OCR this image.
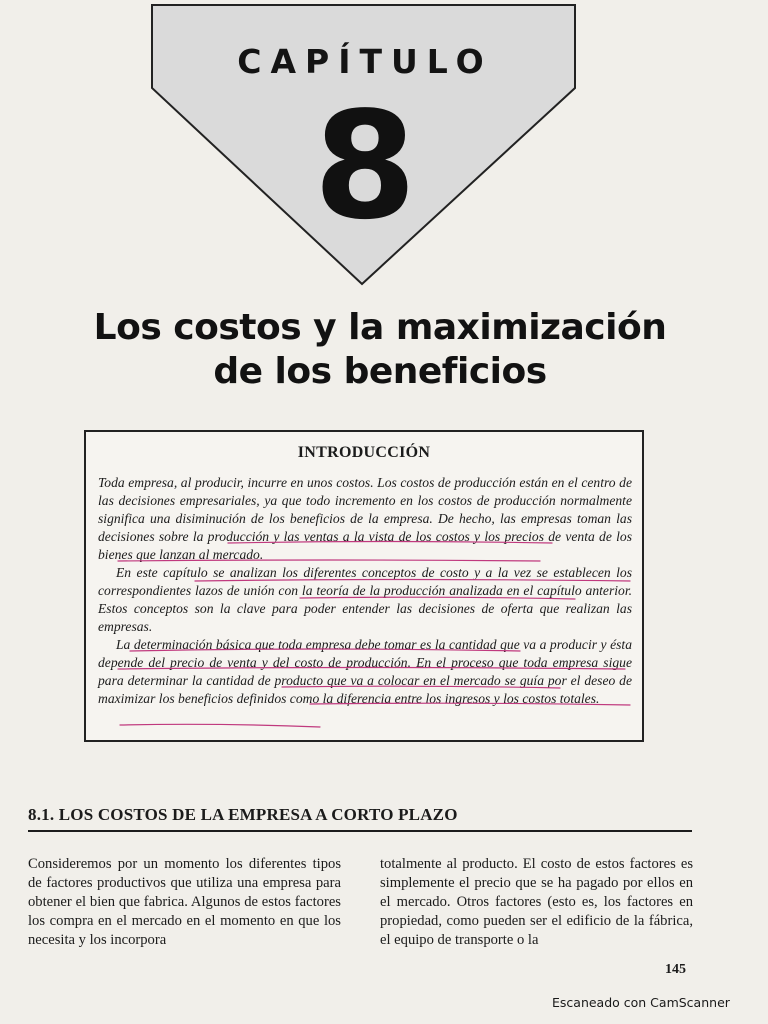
CAPÍTULO
8
Los costos y la maximización
de los beneficios
INTRODUCCIÓN

Toda empresa, al producir, incurre en unos costos. Los costos de producción están en el centro de las decisiones empresariales, ya que todo incremento en los costos de producción normalmente significa una disiminución de los beneficios de la empresa. De hecho, las empresas toman las decisiones sobre la producción y las ventas a la vista de los costos y los precios de venta de los bienes que lanzan al mercado.

En este capítulo se analizan los diferentes conceptos de costo y a la vez se establecen los correspondientes lazos de unión con la teoría de la producción analizada en el capítulo anterior. Estos conceptos son la clave para poder entender las decisiones de oferta que realizan las empresas.

La determinación básica que toda empresa debe tomar es la cantidad que va a producir y ésta depende del precio de venta y del costo de producción. En el proceso que toda empresa sigue para determinar la cantidad de producto que va a colocar en el mercado se guía por el deseo de maximizar los beneficios definidos como la diferencia entre los ingresos y los costos totales.

8.1. LOS COSTOS DE LA EMPRESA A CORTO PLAZO

Consideremos por un momento los diferentes tipos de factores productivos que utiliza una empresa para obtener el bien que fabrica. Algunos de estos factores los compra en el mercado en el momento en que los necesita y los incorpora

totalmente al producto. El costo de estos factores es simplemente el precio que se ha pagado por ellos en el mercado. Otros factores (esto es, los factores en propiedad, como pueden ser el edificio de la fábrica, el equipo de transporte o la

145
Escaneado con CamScanner
